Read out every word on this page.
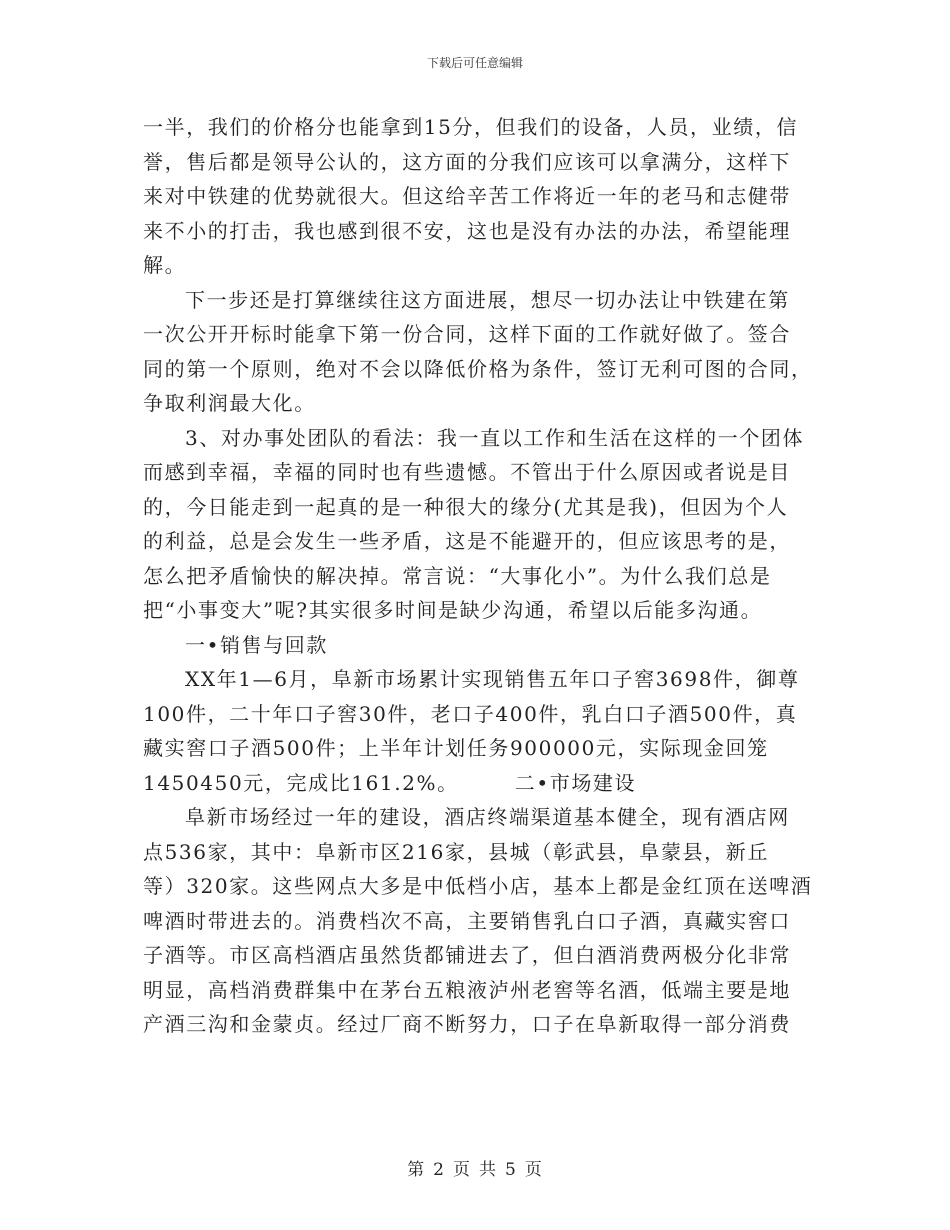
下载后可任意编辑

一半，我们的价格分也能拿到15分，但我们的设备，人员，业绩，信
誉，售后都是领导公认的，这方面的分我们应该可以拿满分，这样下
来对中铁建的优势就很大。但这给辛苦工作将近一年的老马和志健带
来不小的打击，我也感到很不安，这也是没有办法的办法，希望能理
解。

下一步还是打算继续往这方面进展，想尽一切办法让中铁建在第
一次公开开标时能拿下第一份合同，这样下面的工作就好做了。签合
同的第一个原则，绝对不会以降低价格为条件，签订无利可图的合同，
争取利润最大化。

3、对办事处团队的看法：我一直以工作和生活在这样的一个团体
而感到幸福，幸福的同时也有些遗憾。不管出于什么原因或者说是目
的，今日能走到一起真的是一种很大的缘分(尤其是我)，但因为个人
的利益，总是会发生一些矛盾，这是不能避开的，但应该思考的是，
怎么把矛盾愉快的解决掉。常言说：“大事化小”。为什么我们总是
把“小事变大”呢?其实很多时间是缺少沟通，希望以后能多沟通。

一•销售与回款

XX年1—6月，阜新市场累计实现销售五年口子窖3698件，御尊
100件，二十年口子窖30件，老口子400件，乳白口子酒500件，真
藏实窖口子酒500件；上半年计划任务900000元，实际现金回笼
1450450元，完成比161.2%。	二•市场建设

阜新市场经过一年的建设，酒店终端渠道基本健全，现有酒店网
点536家，其中：阜新市区216家，县城（彰武县，阜蒙县，新丘
等）320家。这些网点大多是中低档小店，基本上都是金红顶在送啤酒
啤酒时带进去的。消费档次不高，主要销售乳白口子酒，真藏实窖口
子酒等。市区高档酒店虽然货都铺进去了，但白酒消费两极分化非常
明显，高档消费群集中在茅台五粮液泸州老窖等名酒，低端主要是地
产酒三沟和金蒙贞。经过厂商不断努力，口子在阜新取得一部分消费

第 2 页 共 5 页
